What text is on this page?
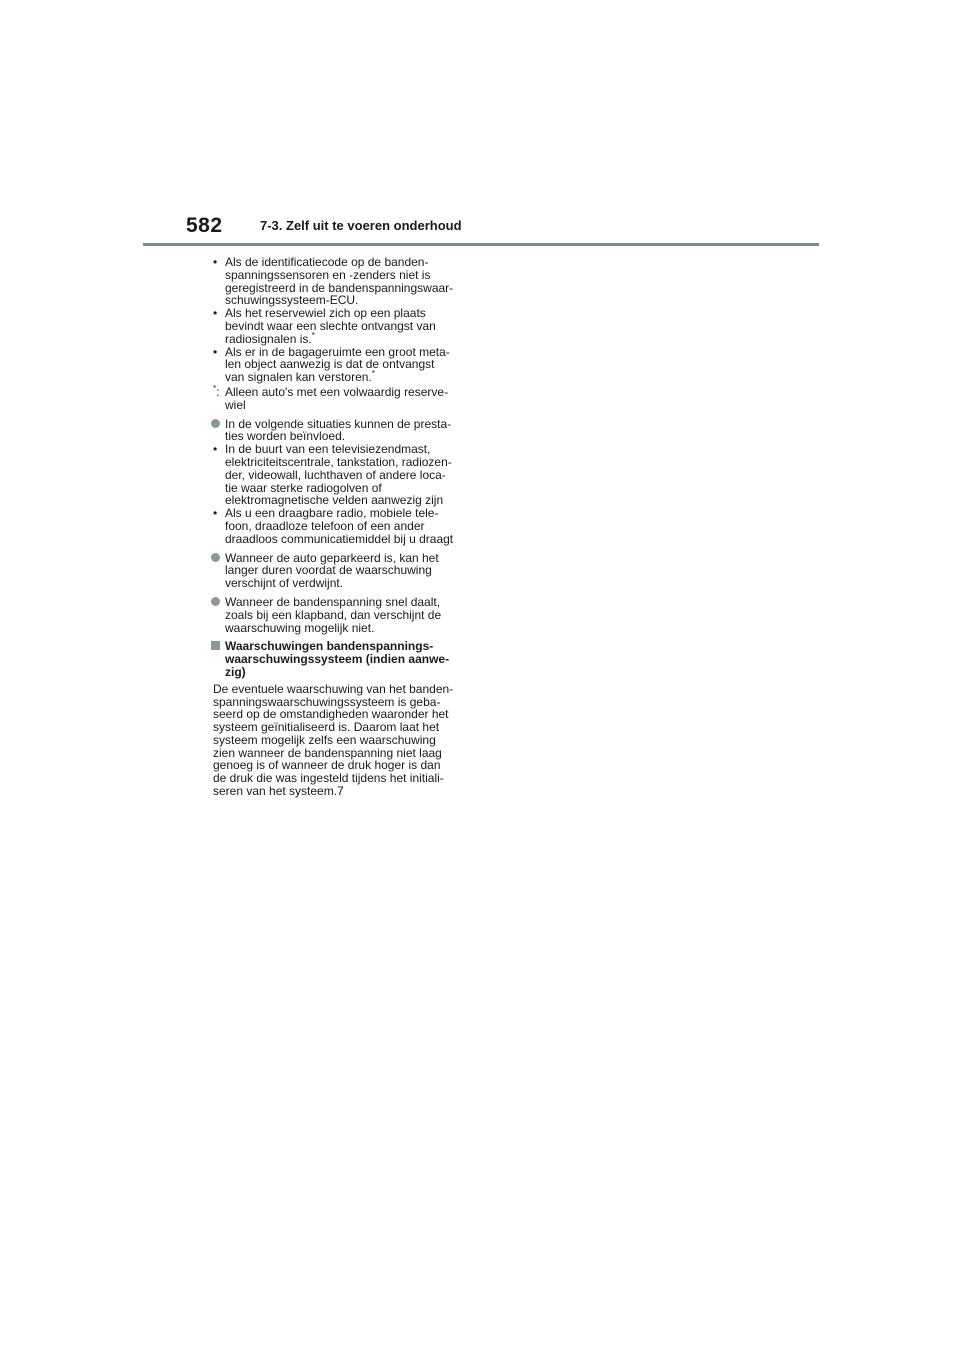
582	7-3. Zelf uit te voeren onderhoud
• Als de identificatiecode op de banden-
spanningssensoren en -zenders niet is
geregistreerd in de bandenspanningswaar-
schuwingssysteem-ECU.
• Als het reservewiel zich op een plaats
bevindt waar een slechte ontvangst van
radiosignalen is.*
• Als er in de bagageruimte een groot meta-
len object aanwezig is dat de ontvangst
van signalen kan verstoren.*
*: Alleen auto's met een volwaardig reserve-
wiel
In de volgende situaties kunnen de presta-
ties worden beïnvloed.
• In de buurt van een televisiezendmast,
elektriciteitscentrale, tankstation, radiozen-
der, videowall, luchthaven of andere loca-
tie waar sterke radiogolven of
elektromagnetische velden aanwezig zijn
• Als u een draagbare radio, mobiele tele-
foon, draadloze telefoon of een ander
draadloos communicatiemiddel bij u draagt
Wanneer de auto geparkeerd is, kan het
langer duren voordat de waarschuwing
verschijnt of verdwijnt.
Wanneer de bandenspanning snel daalt,
zoals bij een klapband, dan verschijnt de
waarschuwing mogelijk niet.
Waarschuwingen bandenspannings-
waarschuwingssysteem (indien aanwe-
zig)
De eventuele waarschuwing van het banden-
spanningswaarschuwingssysteem is geba-
seerd op de omstandigheden waaronder het
systeem geïnitialiseerd is. Daarom laat het
systeem mogelijk zelfs een waarschuwing
zien wanneer de bandenspanning niet laag
genoeg is of wanneer de druk hoger is dan
de druk die was ingesteld tijdens het initiali-
seren van het systeem.7
